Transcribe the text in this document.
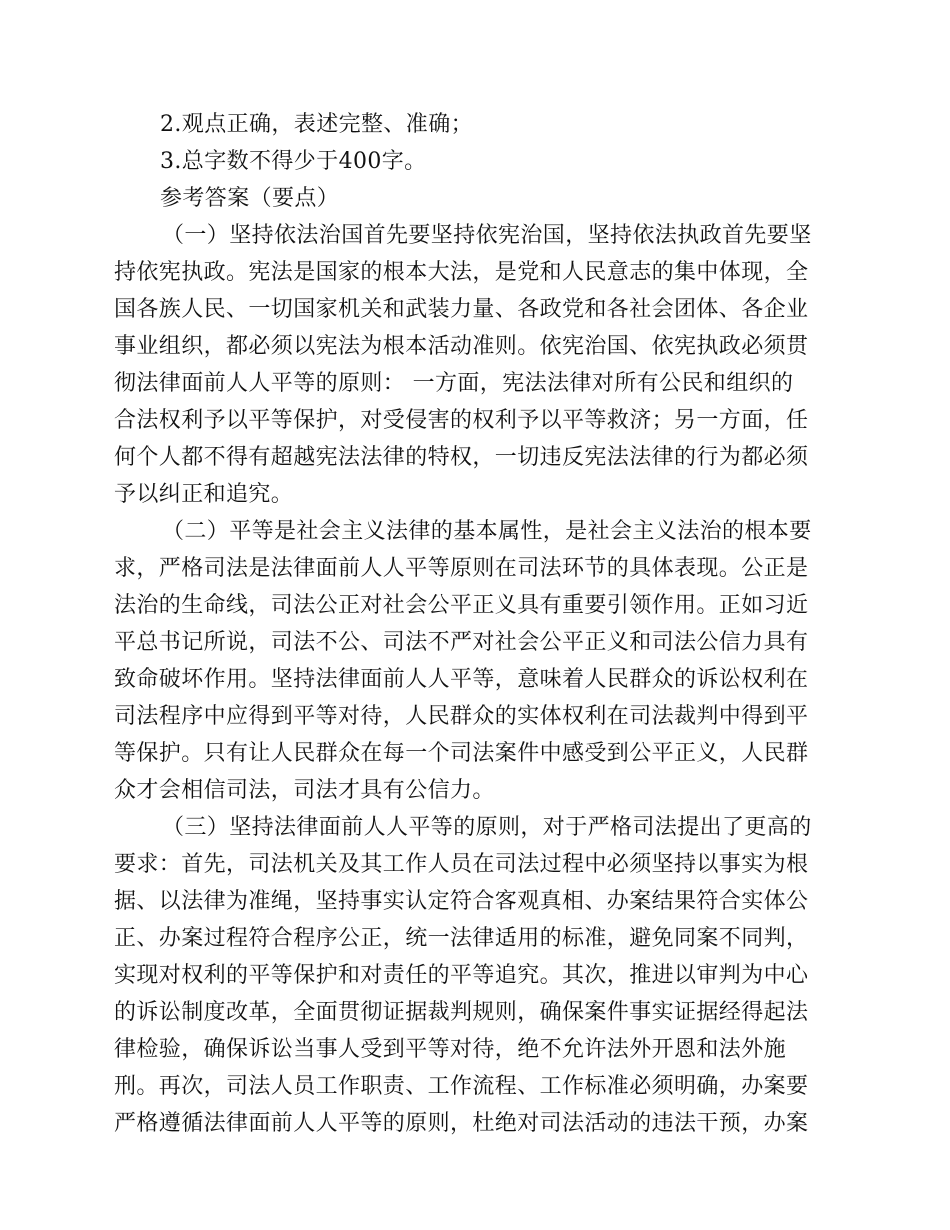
2.观点正确，表述完整、准确；
3.总字数不得少于400字。
参考答案（要点）
（一）坚持依法治国首先要坚持依宪治国，坚持依法执政首先要坚
持依宪执政。宪法是国家的根本大法，是党和人民意志的集中体现，全
国各族人民、一切国家机关和武装力量、各政党和各社会团体、各企业
事业组织，都必须以宪法为根本活动准则。依宪治国、依宪执政必须贯
彻法律面前人人平等的原则： 一方面，宪法法律对所有公民和组织的
合法权利予以平等保护，对受侵害的权利予以平等救济；另一方面，任
何个人都不得有超越宪法法律的特权，一切违反宪法法律的行为都必须
予以纠正和追究。
（二）平等是社会主义法律的基本属性，是社会主义法治的根本要
求，严格司法是法律面前人人平等原则在司法环节的具体表现。公正是
法治的生命线，司法公正对社会公平正义具有重要引领作用。正如习近
平总书记所说，司法不公、司法不严对社会公平正义和司法公信力具有
致命破坏作用。坚持法律面前人人平等，意味着人民群众的诉讼权利在
司法程序中应得到平等对待，人民群众的实体权利在司法裁判中得到平
等保护。只有让人民群众在每一个司法案件中感受到公平正义，人民群
众才会相信司法，司法才具有公信力。
（三）坚持法律面前人人平等的原则，对于严格司法提出了更高的
要求：首先，司法机关及其工作人员在司法过程中必须坚持以事实为根
据、以法律为准绳，坚持事实认定符合客观真相、办案结果符合实体公
正、办案过程符合程序公正，统一法律适用的标准，避免同案不同判，
实现对权利的平等保护和对责任的平等追究。其次，推进以审判为中心
的诉讼制度改革，全面贯彻证据裁判规则，确保案件事实证据经得起法
律检验，确保诉讼当事人受到平等对待，绝不允许法外开恩和法外施
刑。再次，司法人员工作职责、工作流程、工作标准必须明确，办案要
严格遵循法律面前人人平等的原则，杜绝对司法活动的违法干预，办案
